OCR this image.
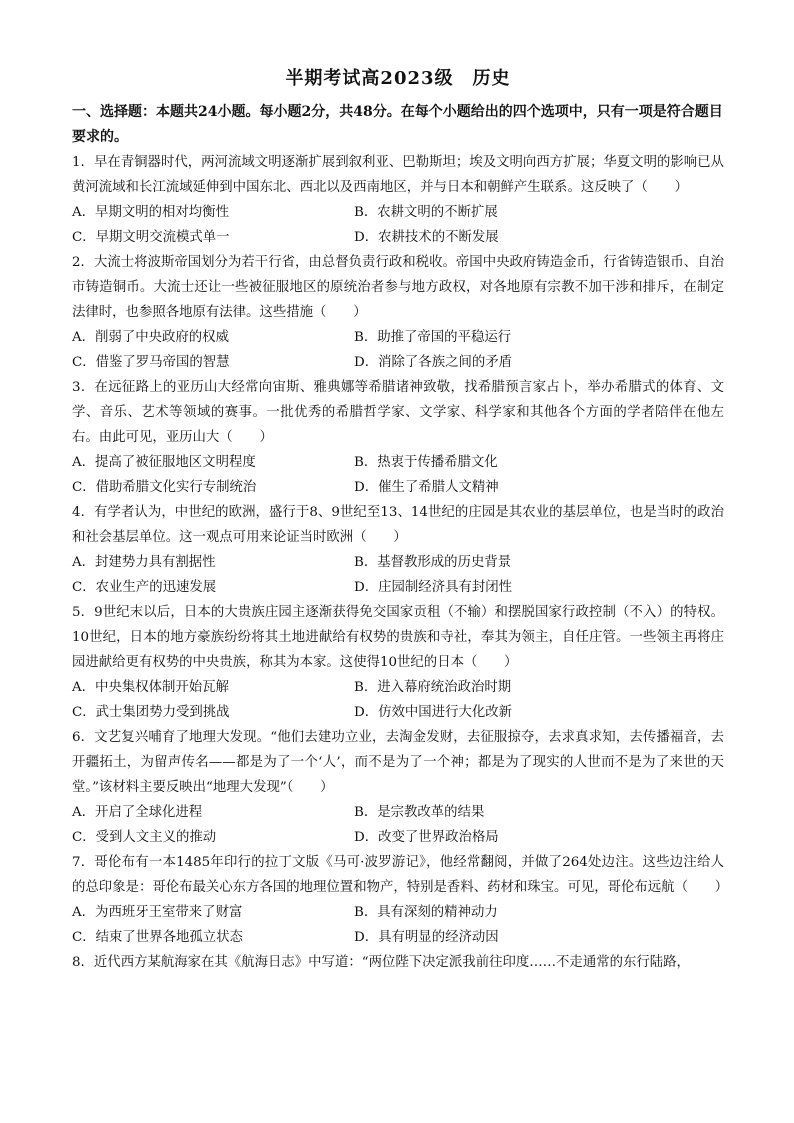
半期考试高2023级　历史

一、选择题：本题共24小题。每小题2分，共48分。在每个小题给出的四个选项中，只有一项是符合题目要求的。

1．早在青铜器时代，两河流域文明逐渐扩展到叙利亚、巴勒斯坦；埃及文明向西方扩展；华夏文明的影响已从黄河流域和长江流域延伸到中国东北、西北以及西南地区，并与日本和朝鲜产生联系。这反映了（　　）

A．早期文明的相对均衡性	B．农耕文明的不断扩展
C．早期文明交流模式单一	D．农耕技术的不断发展

2．大流士将波斯帝国划分为若干行省，由总督负责行政和税收。帝国中央政府铸造金币，行省铸造银币、自治市铸造铜币。大流士还让一些被征服地区的原统治者参与地方政权，对各地原有宗教不加干涉和排斥，在制定法律时，也参照各地原有法律。这些措施（　　）

A．削弱了中央政府的权威	B．助推了帝国的平稳运行
C．借鉴了罗马帝国的智慧	D．消除了各族之间的矛盾

3．在远征路上的亚历山大经常向宙斯、雅典娜等希腊诸神致敬，找希腊预言家占卜，举办希腊式的体育、文学、音乐、艺术等领域的赛事。一批优秀的希腊哲学家、文学家、科学家和其他各个方面的学者陪伴在他左右。由此可见，亚历山大（　　）

A．提高了被征服地区文明程度	B．热衷于传播希腊文化
C．借助希腊文化实行专制统治	D．催生了希腊人文精神

4．有学者认为，中世纪的欧洲，盛行于8、9世纪至13、14世纪的庄园是其农业的基层单位，也是当时的政治和社会基层单位。这一观点可用来论证当时欧洲（　　）

A．封建势力具有割据性	B．基督教形成的历史背景
C．农业生产的迅速发展	D．庄园制经济具有封闭性

5．9世纪末以后，日本的大贵族庄园主逐渐获得免交国家贡租（不输）和摆脱国家行政控制（不入）的特权。10世纪，日本的地方豪族纷纷将其土地进献给有权势的贵族和寺社，奉其为领主，自任庄管。一些领主再将庄园进献给更有权势的中央贵族，称其为本家。这使得10世纪的日本（　　）

A．中央集权体制开始瓦解	B．进入幕府统治政治时期
C．武士集团势力受到挑战	D．仿效中国进行大化改新

6．文艺复兴哺育了地理大发现。“他们去建功立业，去淘金发财，去征服掠夺，去求真求知，去传播福音，去开疆拓土，为留声传名——都是为了一个‘人’，而不是为了一个神；都是为了现实的人世而不是为了来世的天堂。”该材料主要反映出“地理大发现”（　　）

A．开启了全球化进程	B．是宗教改革的结果
C．受到人文主义的推动	D．改变了世界政治格局

7．哥伦布有一本1485年印行的拉丁文版《马可·波罗游记》，他经常翻阅，并做了264处边注。这些边注给人的总印象是：哥伦布最关心东方各国的地理位置和物产，特别是香料、药材和珠宝。可见，哥伦布远航（　　）

A．为西班牙王室带来了财富	B．具有深刻的精神动力
C．结束了世界各地孤立状态	D．具有明显的经济动因

8．近代西方某航海家在其《航海日志》中写道：“两位陛下决定派我前往印度……不走通常的东行陆路，
